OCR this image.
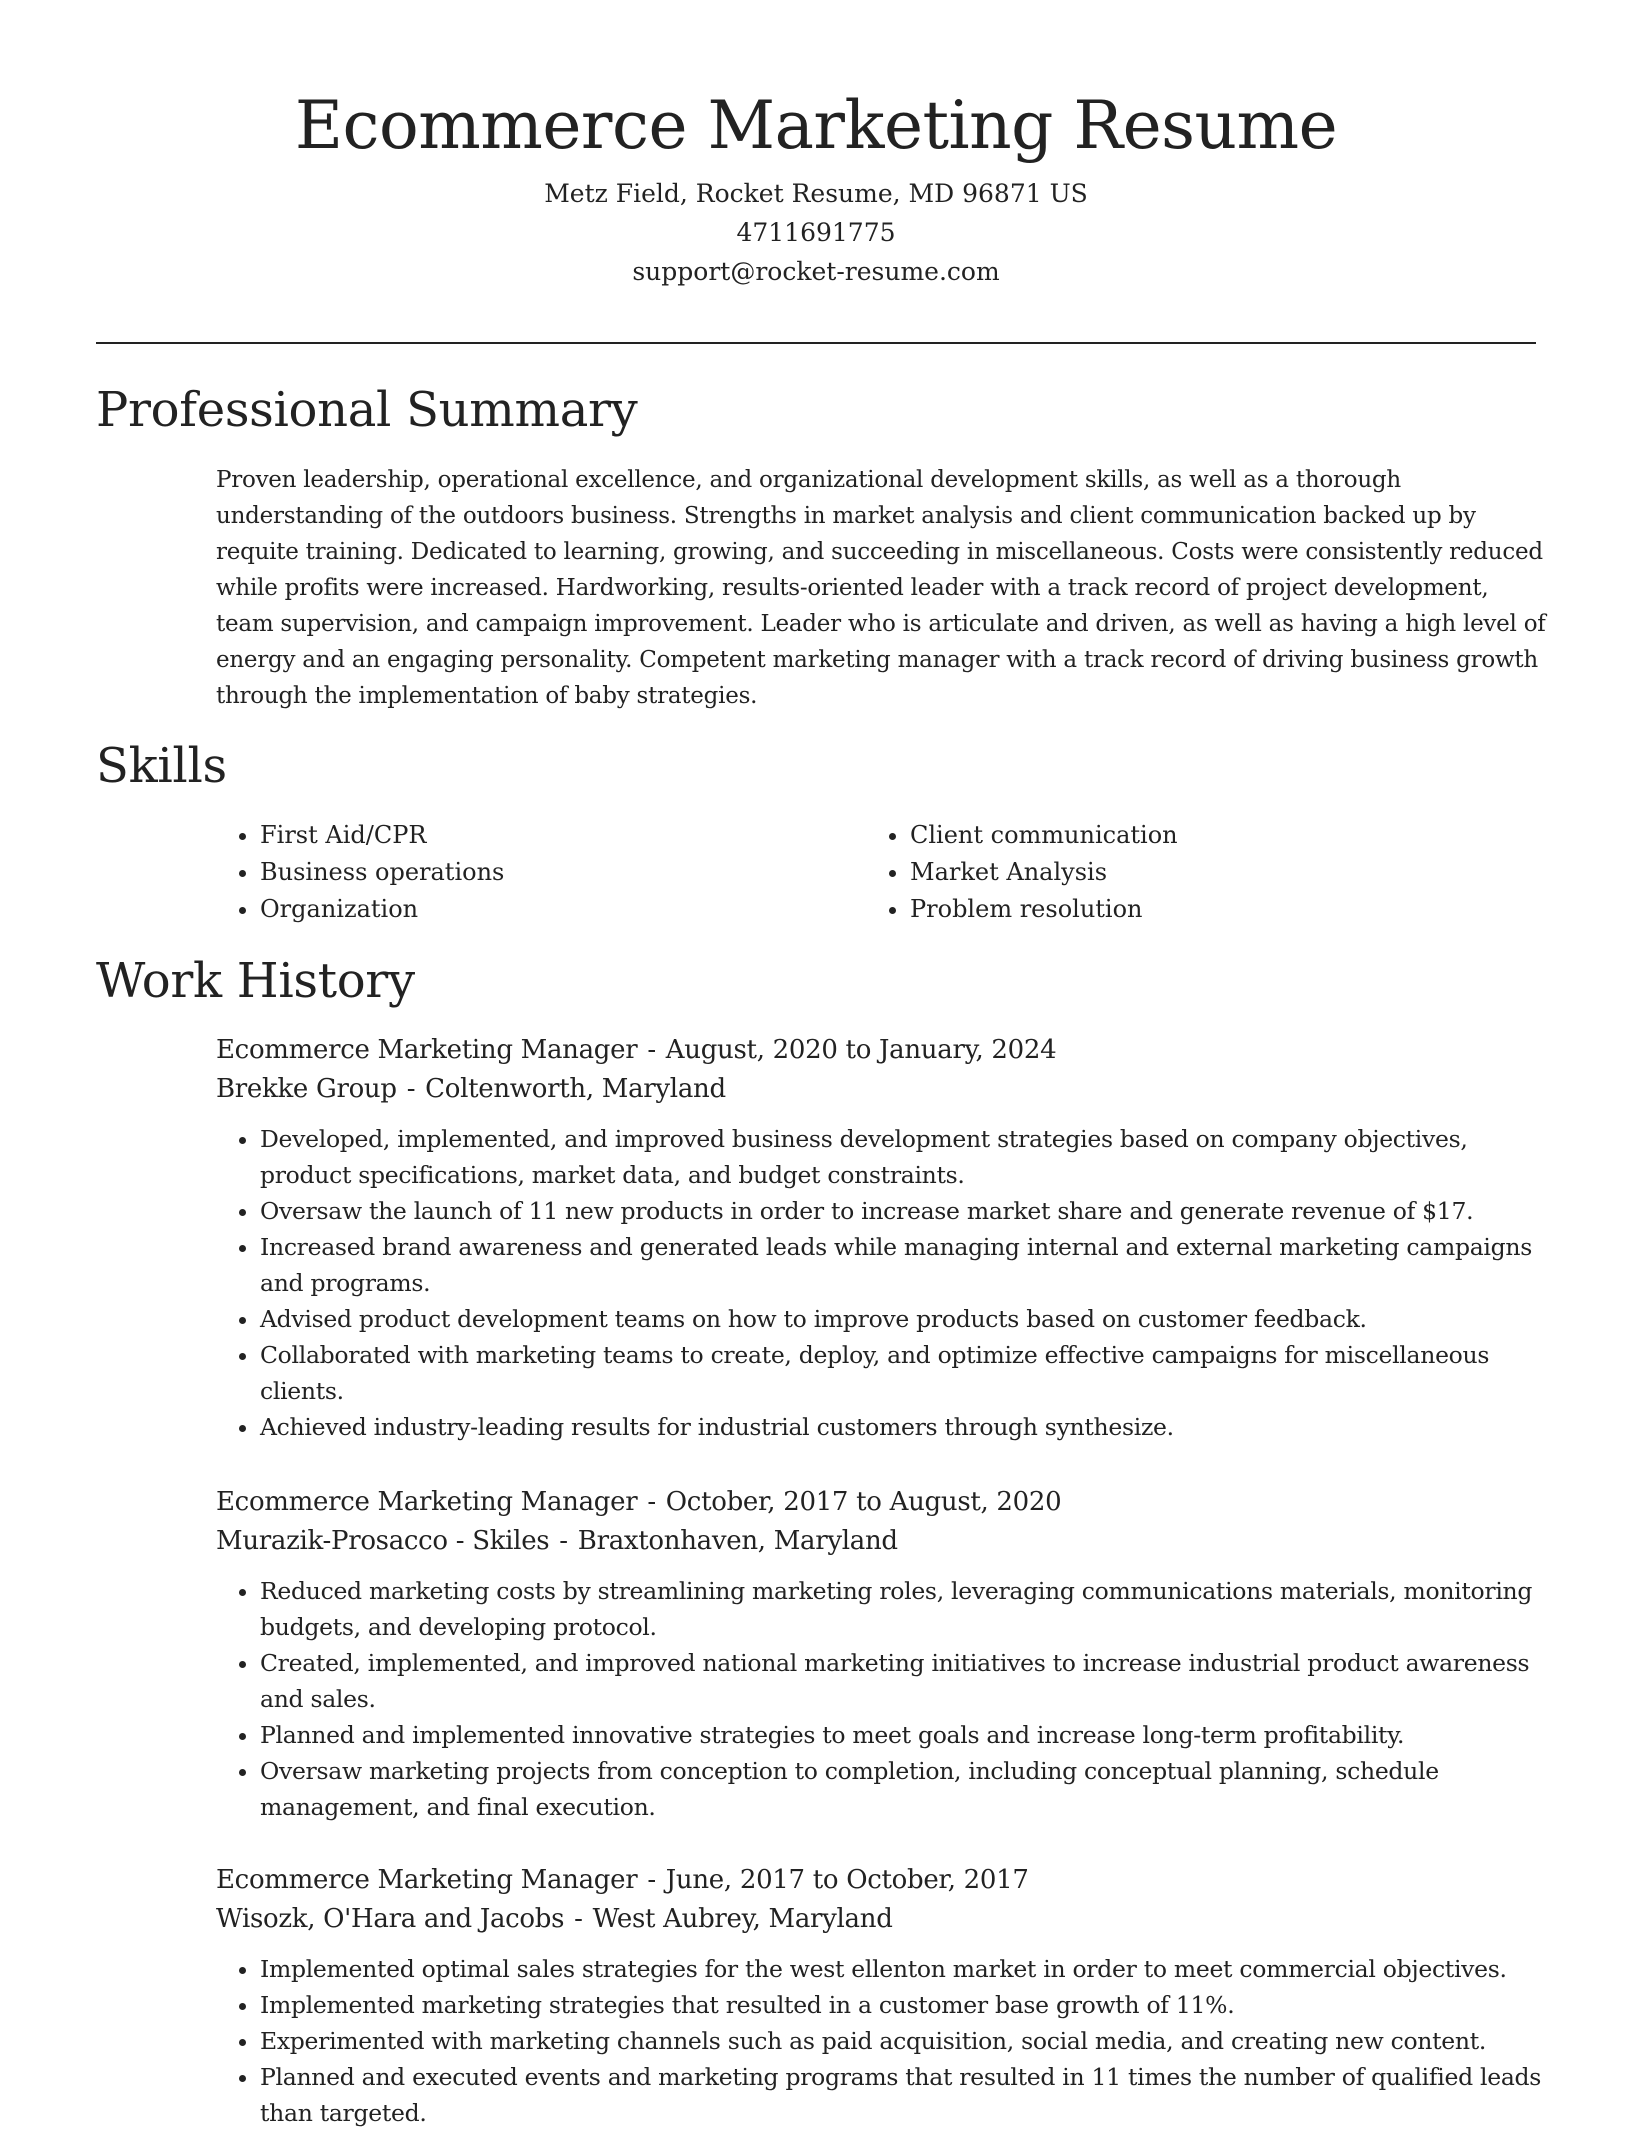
Ecommerce Marketing Resume
Metz Field, Rocket Resume, MD 96871 US
4711691775
support@rocket-resume.com
Professional Summary

Proven leadership, operational excellence, and organizational development skills, as well as a thorough understanding of the outdoors business. Strengths in market analysis and client communication backed up by requite training. Dedicated to learning, growing, and succeeding in miscellaneous. Costs were consistently reduced while profits were increased. Hardworking, results-oriented leader with a track record of project development, team supervision, and campaign improvement. Leader who is articulate and driven, as well as having a high level of energy and an engaging personality. Competent marketing manager with a track record of driving business growth through the implementation of baby strategies.

Skills
• First Aid/CPR
• Business operations
• Organization
• Client communication
• Market Analysis
• Problem resolution
Work History
Ecommerce Marketing Manager - August, 2020 to January, 2024
Brekke Group - Coltenworth, Maryland
• Developed, implemented, and improved business development strategies based on company objectives, product specifications, market data, and budget constraints.
• Oversaw the launch of 11 new products in order to increase market share and generate revenue of $17.
• Increased brand awareness and generated leads while managing internal and external marketing campaigns and programs.
• Advised product development teams on how to improve products based on customer feedback.
• Collaborated with marketing teams to create, deploy, and optimize effective campaigns for miscellaneous clients.
• Achieved industry-leading results for industrial customers through synthesize.
Ecommerce Marketing Manager - October, 2017 to August, 2020
Murazik-Prosacco - Skiles - Braxtonhaven, Maryland
• Reduced marketing costs by streamlining marketing roles, leveraging communications materials, monitoring budgets, and developing protocol.
• Created, implemented, and improved national marketing initiatives to increase industrial product awareness and sales.
• Planned and implemented innovative strategies to meet goals and increase long-term profitability.
• Oversaw marketing projects from conception to completion, including conceptual planning, schedule management, and final execution.
Ecommerce Marketing Manager - June, 2017 to October, 2017
Wisozk, O'Hara and Jacobs - West Aubrey, Maryland
• Implemented optimal sales strategies for the west ellenton market in order to meet commercial objectives.
• Implemented marketing strategies that resulted in a customer base growth of 11%.
• Experimented with marketing channels such as paid acquisition, social media, and creating new content.
• Planned and executed events and marketing programs that resulted in 11 times the number of qualified leads than targeted.
